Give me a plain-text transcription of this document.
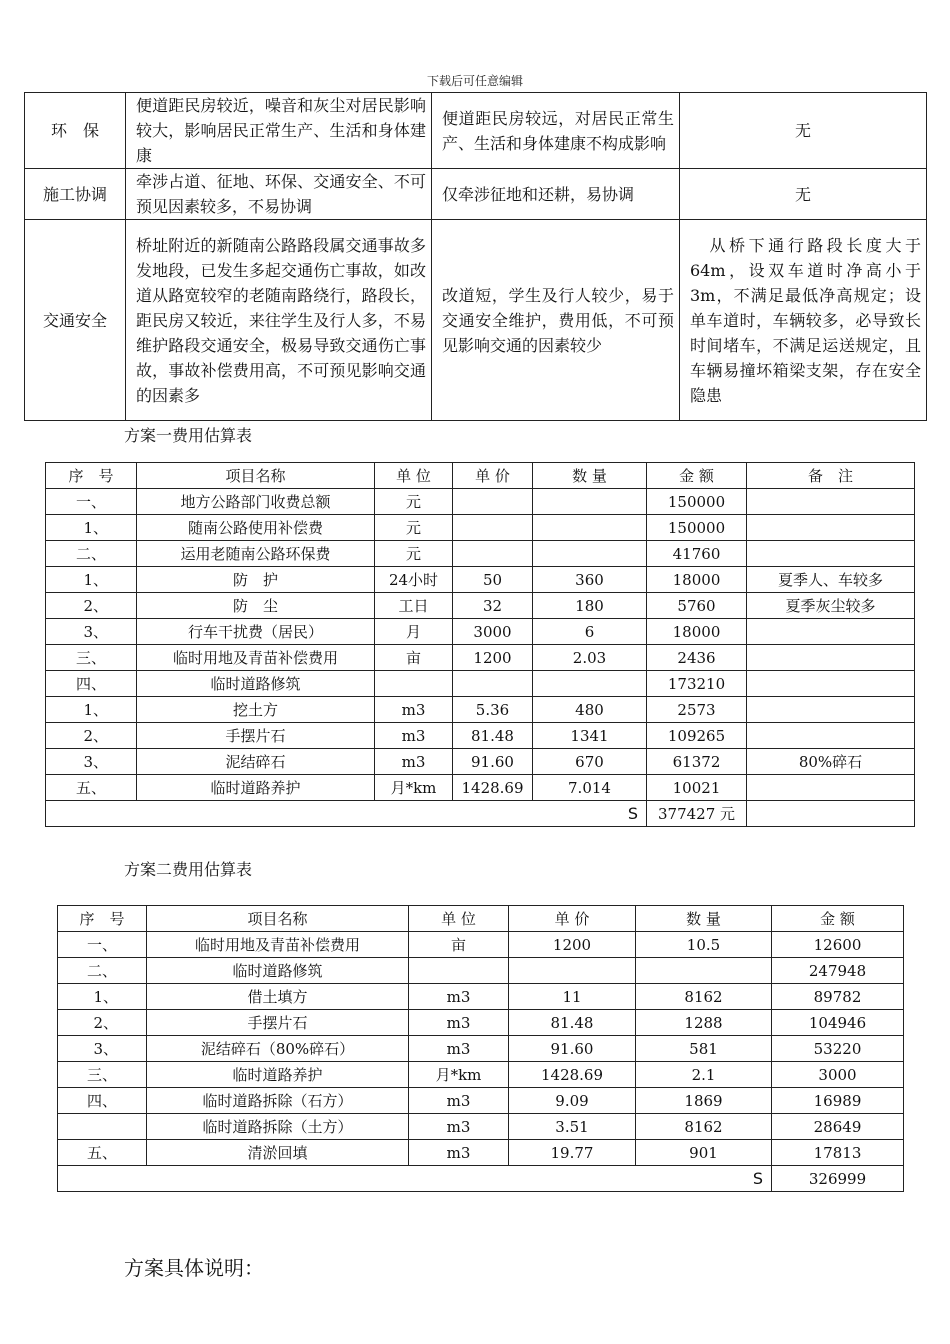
下载后可任意编辑
环　保	便道距民房较近，噪音和灰尘对居民影响较大，影响居民正常生产、生活和身体建康	便道距民房较远，对居民正常生产、生活和身体建康不构成影响	无
施工协调	牵涉占道、征地、环保、交通安全、不可预见因素较多，不易协调	仅牵涉征地和还耕，易协调	无
交通安全	桥址附近的新随南公路路段属交通事故多发地段，已发生多起交通伤亡事故，如改道从路宽较窄的老随南路绕行，路段长，距民房又较近，来往学生及行人多，不易维护路段交通安全，极易导致交通伤亡事故，事故补偿费用高，不可预见影响交通的因素多	改道短，学生及行人较少，易于交通安全维护，费用低，不可预见影响交通的因素较少	　从桥下通行路段长度大于64m，设双车道时净高小于3m，不满足最低净高规定；设单车道时，车辆较多，必导致长时间堵车，不满足运送规定，且车辆易撞坏箱梁支架，存在安全隐患
方案一费用估算表
序　号	项目名称	单 位	单 价	数 量	金 额	备　注
一、	地方公路部门收费总额	元			150000	
1、	随南公路使用补偿费	元			150000	
二、	运用老随南公路环保费	元			41760	
1、	防　护	24小时	50	360	18000	夏季人、车较多
2、	防　尘	工日	32	180	5760	夏季灰尘较多
3、	行车干扰费（居民）	月	3000	6	18000	
三、	临时用地及青苗补偿费用	亩	1200	2.03	2436	
四、	临时道路修筑				173210	
1、	挖土方	m3	5.36	480	2573	
2、	手摆片石	m3	81.48	1341	109265	
3、	泥结碎石	m3	91.60	670	61372	80%碎石
五、	临时道路养护	月*km	1428.69	7.014	10021	
S					377427 元	
方案二费用估算表
序　号	项目名称	单 位	单 价	数 量	金 额
一、	临时用地及青苗补偿费用	亩	1200	10.5	12600
二、	临时道路修筑				247948
1、	借土填方	m3	11	8162	89782
2、	手摆片石	m3	81.48	1288	104946
3、	泥结碎石（80%碎石）	m3	91.60	581	53220
三、	临时道路养护	月*km	1428.69	2.1	3000
四、	临时道路拆除（石方）	m3	9.09	1869	16989
	临时道路拆除（土方）	m3	3.51	8162	28649
五、	清淤回填	m3	19.77	901	17813
S					326999
方案具体说明：
